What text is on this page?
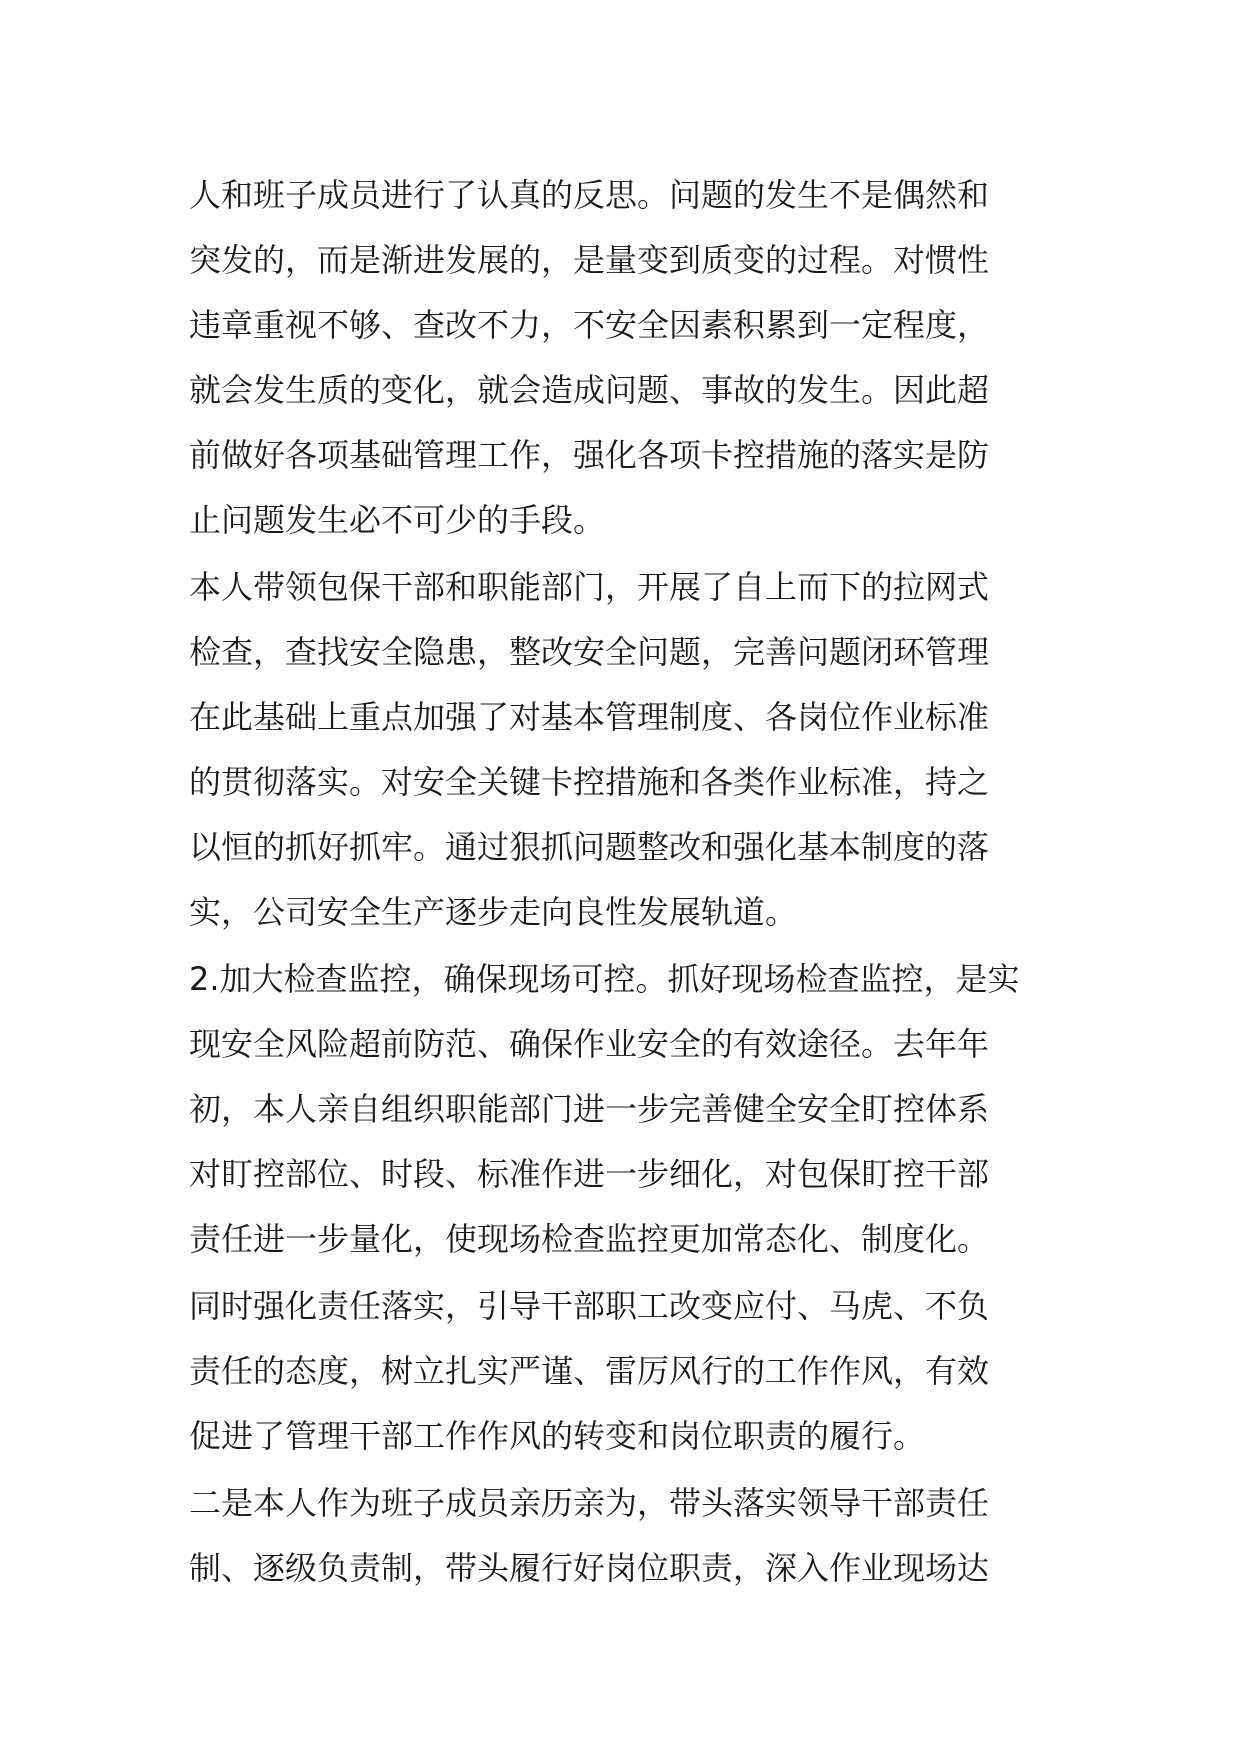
人和班子成员进行了认真的反思。问题的发生不是偶然和
突发的，而是渐进发展的，是量变到质变的过程。对惯性
违章重视不够、查改不力，不安全因素积累到一定程度，
就会发生质的变化，就会造成问题、事故的发生。因此超
前做好各项基础管理工作，强化各项卡控措施的落实是防
止问题发生必不可少的手段。

本人带领包保干部和职能部门，开展了自上而下的拉网式
检查，查找安全隐患，整改安全问题，完善问题闭环管理
在此基础上重点加强了对基本管理制度、各岗位作业标准
的贯彻落实。对安全关键卡控措施和各类作业标准，持之
以恒的抓好抓牢。通过狠抓问题整改和强化基本制度的落
实，公司安全生产逐步走向良性发展轨道。

2.加大检查监控，确保现场可控。抓好现场检查监控，是实
现安全风险超前防范、确保作业安全的有效途径。去年年
初，本人亲自组织职能部门进一步完善健全安全盯控体系
对盯控部位、时段、标准作进一步细化，对包保盯控干部
责任进一步量化，使现场检查监控更加常态化、制度化。

同时强化责任落实，引导干部职工改变应付、马虎、不负
责任的态度，树立扎实严谨、雷厉风行的工作作风，有效
促进了管理干部工作作风的转变和岗位职责的履行。

二是本人作为班子成员亲历亲为，带头落实领导干部责任
制、逐级负责制，带头履行好岗位职责，深入作业现场达
